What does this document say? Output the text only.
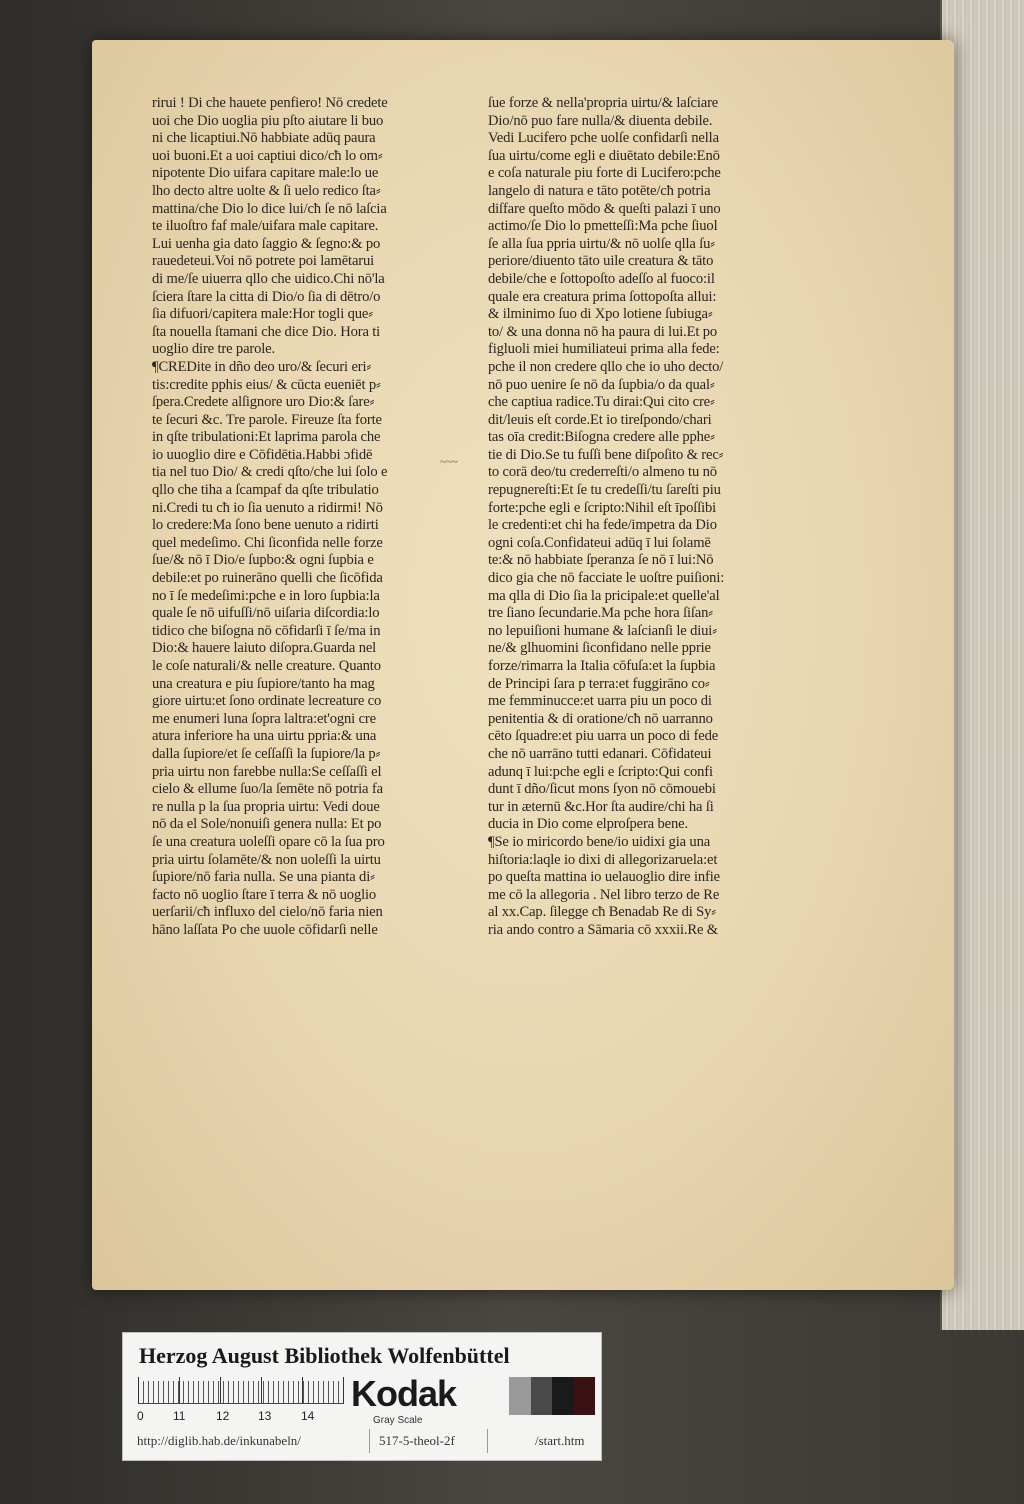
rirui ! Di che hauete penfiero! Nō credete
uoi che Dio uoglia piu pſto aiutare li buo
ni che licaptiui.Nō habbiate adūq paura
uoi buoni.Et a uoi captiui dico/cħ lo om⸗
nipotente Dio uifara capitare male:lo ue
lho decto altre uolte & ſi uelo redico ſta⸗
mattina/che Dio lo dice lui/cħ ſe nō laſcia
te iluoſtro faf male/uifara male capitare.
Lui uenha gia dato ſaggio & ſegno:& po
rauedeteui.Voi nō potrete poi lamētarui
di me/ſe uiuerra qllo che uidico.Chi nō'la
ſciera ſtare la citta di Dio/o ſia di dētro/o
ſia difuori/capitera male:Hor togli que⸗
ſta nouella ſtamani che dice Dio. Hora ti
uoglio dire tre parole.
¶CREDite in dño deo uro/& ſecuri eri⸗
tis:credite pphis eius/ & cūcta eueniēt p⸗
ſpera.Credete alſignore uro Dio:& ſare⸗
te ſecuri &c. Tre parole. Fireuze ſta forte
in qſte tribulationi:Et laprima parola che
io uuoglio dire e Cōfidētia.Habbi ɔfidē
tia nel tuo Dio/ & credi qſto/che lui ſolo e
qllo che tiha a ſcampaf da qſte tribulatio
ni.Credi tu cħ io ſia uenuto a ridirmi! Nō
lo credere:Ma ſono bene uenuto a ridirti
quel medeſimo. Chi ſiconfida nelle forze
ſue/& nō ī Dio/e ſupbo:& ogni ſupbia e
debile:et po ruinerāno quelli che ſicōfida
no ī ſe medeſimi:pche e in loro ſupbia:la
quale ſe nō uifuſſi/nō uiſaria diſcordia:lo
tidico che biſogna nō cōfidarſi ī ſe/ma in
Dio:& hauere laiuto diſopra.Guarda nel
le coſe naturali/& nelle creature. Quanto
una creatura e piu ſupiore/tanto ha mag
giore uirtu:et ſono ordinate lecreature co
me enumeri luna ſopra laltra:et'ogni cre
atura inferiore ha una uirtu ppria:& una
dalla ſupiore/et ſe ceſſaſſi la ſupiore/la p⸗
pria uirtu non farebbe nulla:Se ceſſaſſi el
cielo & ellume ſuo/la ſemēte nō potria fa
re nulla p la ſua propria uirtu: Vedi doue
nō da el Sole/nonuiſi genera nulla: Et po
ſe una creatura uoleſſi opare cō la ſua pro
pria uirtu ſolamēte/& non uoleſſi la uirtu
ſupiore/nō faria nulla. Se una pianta di⸗
facto nō uoglio ſtare ī terra & nō uoglio
uerſarii/cħ influxo del cielo/nō faria nien
hāno laſſata Po che uuole cōfidarſi nelle
ſue forze & nella'propria uirtu/& laſciare
Dio/nō puo fare nulla/& diuenta debile.
Vedi Lucifero pche uolſe confidarſi nella
ſua uirtu/come egli e diuētato debile:Enō
e coſa naturale piu forte di Lucifero:pche
langelo di natura e tāto potēte/cħ potria
diſfare queſto mōdo & queſti palazi ī uno
actimo/ſe Dio lo pmetteſſi:Ma pche ſiuol
ſe alla ſua ppria uirtu/& nō uolſe qlla ſu⸗
periore/diuento tāto uile creatura & tāto
debile/che e ſottopoſto adeſſo al fuoco:il
quale era creatura prima ſottopoſta allui:
& ilminimo ſuo di Xpo lotiene ſubiuga⸗
to/ & una donna nō ha paura di lui.Et po
figluoli miei humiliateui prima alla fede:
pche il non credere qllo che io uho decto/
nō puo uenire ſe nō da ſupbia/o da qual⸗
che captiua radice.Tu dirai:Qui cito cre⸗
dit/leuis eſt corde.Et io tireſpondo/chari
tas oīa credit:Biſogna credere alle pphe⸗
tie di Dio.Se tu fuſſi bene diſpoſito & rec⸗
to corā deo/tu crederreſti/o almeno tu nō
repugnereſti:Et ſe tu credeſſi/tu ſareſti piu
forte:pche egli e ſcripto:Nihil eſt īpoſſibi
le credenti:et chi ha fede/impetra da Dio
ogni coſa.Confidateui adūq ī lui ſolamē
te:& nō habbiate ſperanza ſe nō ī lui:Nō
dico gia che nō facciate le uoſtre puiſioni:
ma qlla di Dio ſia la pricipale:et quelle'al
tre ſiano ſecundarie.Ma pche hora ſiſan⸗
no lepuiſioni humane & laſcianſi le diui⸗
ne/& glhuomini ſiconfidano nelle pprie
forze/rimarra la Italia cōfuſa:et la ſupbia
de Principi ſara p terra:et fuggirāno co⸗
me femminucce:et uarra piu un poco di
penitentia & di oratione/cħ nō uarranno
cēto ſquadre:et piu uarra un poco di fede
che nō uarrāno tutti edanari. Cōfidateui
adunq ī lui:pche egli e ſcripto:Qui confi
dunt ī dño/ſicut mons ſyon nō cōmouebi
tur in æternū &c.Hor ſta audire/chi ha ſi
ducia in Dio come elproſpera bene.
¶Se io miricordo bene/io uidixi gia una
hiſtoria:laqle io dixi di allegorizaruela:et
po queſta mattina io uelauoglio dire infie
me cō la allegoria . Nel libro terzo de Re
al xx.Cap. ſilegge cħ Benadab Re di Sy⸗
ria ando contro a Sāmaria cō xxxii.Re &
~~~
Herzog August Bibliothek Wolfenbüttel
0 11	12 13 14
Kodak
Gray Scale
http://diglib.hab.de/inkunabeln/	517-5-theol-2f	/start.htm
